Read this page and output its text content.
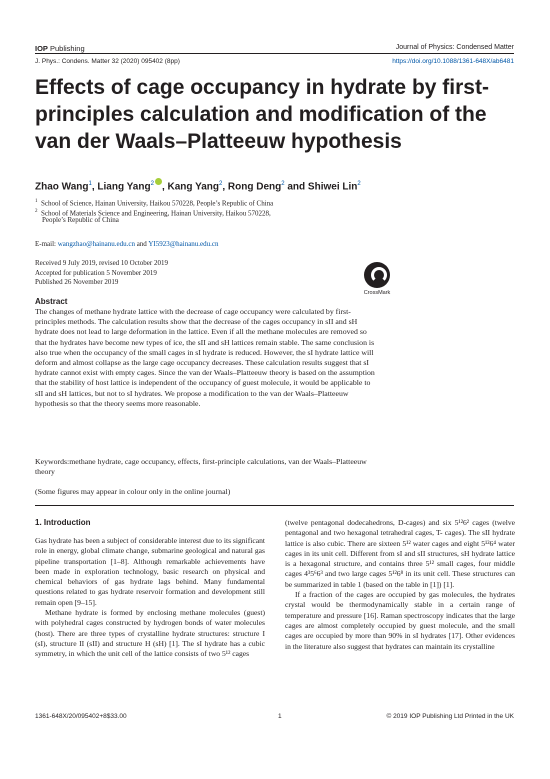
IOP Publishing	Journal of Physics: Condensed Matter
J. Phys.: Condens. Matter 32 (2020) 095402 (8pp)	https://doi.org/10.1088/1361-648X/ab6481
Effects of cage occupancy in hydrate by first-principles calculation and modification of the van der Waals–Platteeuw hypothesis
Zhao Wang$^1$, Liang Yang$^2$ , Kang Yang$^2$, Rong Deng$^2$ and Shiwei Lin$^2$
$^1$ School of Science, Hainan University, Haikou 570228, People’s Republic of China
$^2$ School of Materials Science and Engineering, Hainan University, Haikou 570228,
People’s Republic of China
E-mail: wangzhao@hainanu.edu.cn and YI5923@hainanu.edu.cn
Received 9 July 2019, revised 10 October 2019
Accepted for publication 5 November 2019
Published 26 November 2019
CrossMark
Abstract
The changes of methane hydrate lattice with the decrease of cage occupancy were calculated by first-principles methods. The calculation results show that the decrease of the cages occupancy in sII and sH hydrate does not lead to large deformation in the lattice. Even if all the methane molecules are removed so that the hydrates have become new types of ice, the sII and sH lattices remain stable. The same conclusion is also true when the occupancy of the small cages in sI hydrate is reduced. However, the sI hydrate lattice will deform and almost collapse as the large cage occupancy decreases. These calculation results suggest that sI hydrate cannot exist with empty cages. Since the van der Waals–Platteeuw theory is based on the assumption that the stability of host lattice is independent of the occupancy of guest molecule, it would be applicable to sII and sH lattices, but not to sI hydrates. We propose a modification to the van der Waals–Platteeuw hypothesis so that the theory seems more reasonable.
Keywords:methane hydrate, cage occupancy, effects, first-principle calculations, van der Waals–Platteeuw theory
(Some figures may appear in colour only in the online journal)
1. Introduction

Gas hydrate has been a subject of considerable interest due to its significant role in energy, global climate change, submarine geological and natural gas pipeline transportation [1–8]. Although remarkable achievements have been made in exploration technology, basic research on physical and chemical behaviors of gas hydrate lags behind. Many fundamental questions related to gas hydrate reservoir formation and development still remain open [9–15].

Methane hydrate is formed by enclosing methane molecules (guest) with polyhedral cages constructed by hydrogen bonds of water molecules (host). There are three types of crystalline hydrate structures: structure I (sI), structure II (sII) and structure H (sH) [1]. The sI hydrate has a cubic symmetry, in which the unit cell of the lattice consists of two 5¹² cages

(twelve pentagonal dodecahedrons, D-cages) and six 5¹²6² cages (twelve pentagonal and two hexagonal tetrahedral cages, T- cages). The sII hydrate lattice is also cubic. There are sixteen 5¹² water cages and eight 5¹²6⁴ water cages in its unit cell. Different from sI and sII structures, sH hydrate lattice is a hexagonal structure, and contains three 5¹² small cages, four middle cages 4³5⁶6³ and two large cages 5¹²6⁸ in its unit cell. These structures can be summarized in table 1 (based on the table in [1]) [1].

If a fraction of the cages are occupied by gas molecules, the hydrates crystal would be thermodynamically stable in a certain range of temperature and pressure [16]. Raman spectroscopy indicates that the large cages are almost completely occupied by guest molecule, and the small cages are occupied by more than 90% in sI hydrates [17]. Other evidences in the literature also suggest that hydrates can maintain its crystalline

1361-648X/20/095402+8$33.00	1	© 2019 IOP Publishing Ltd Printed in the UK
